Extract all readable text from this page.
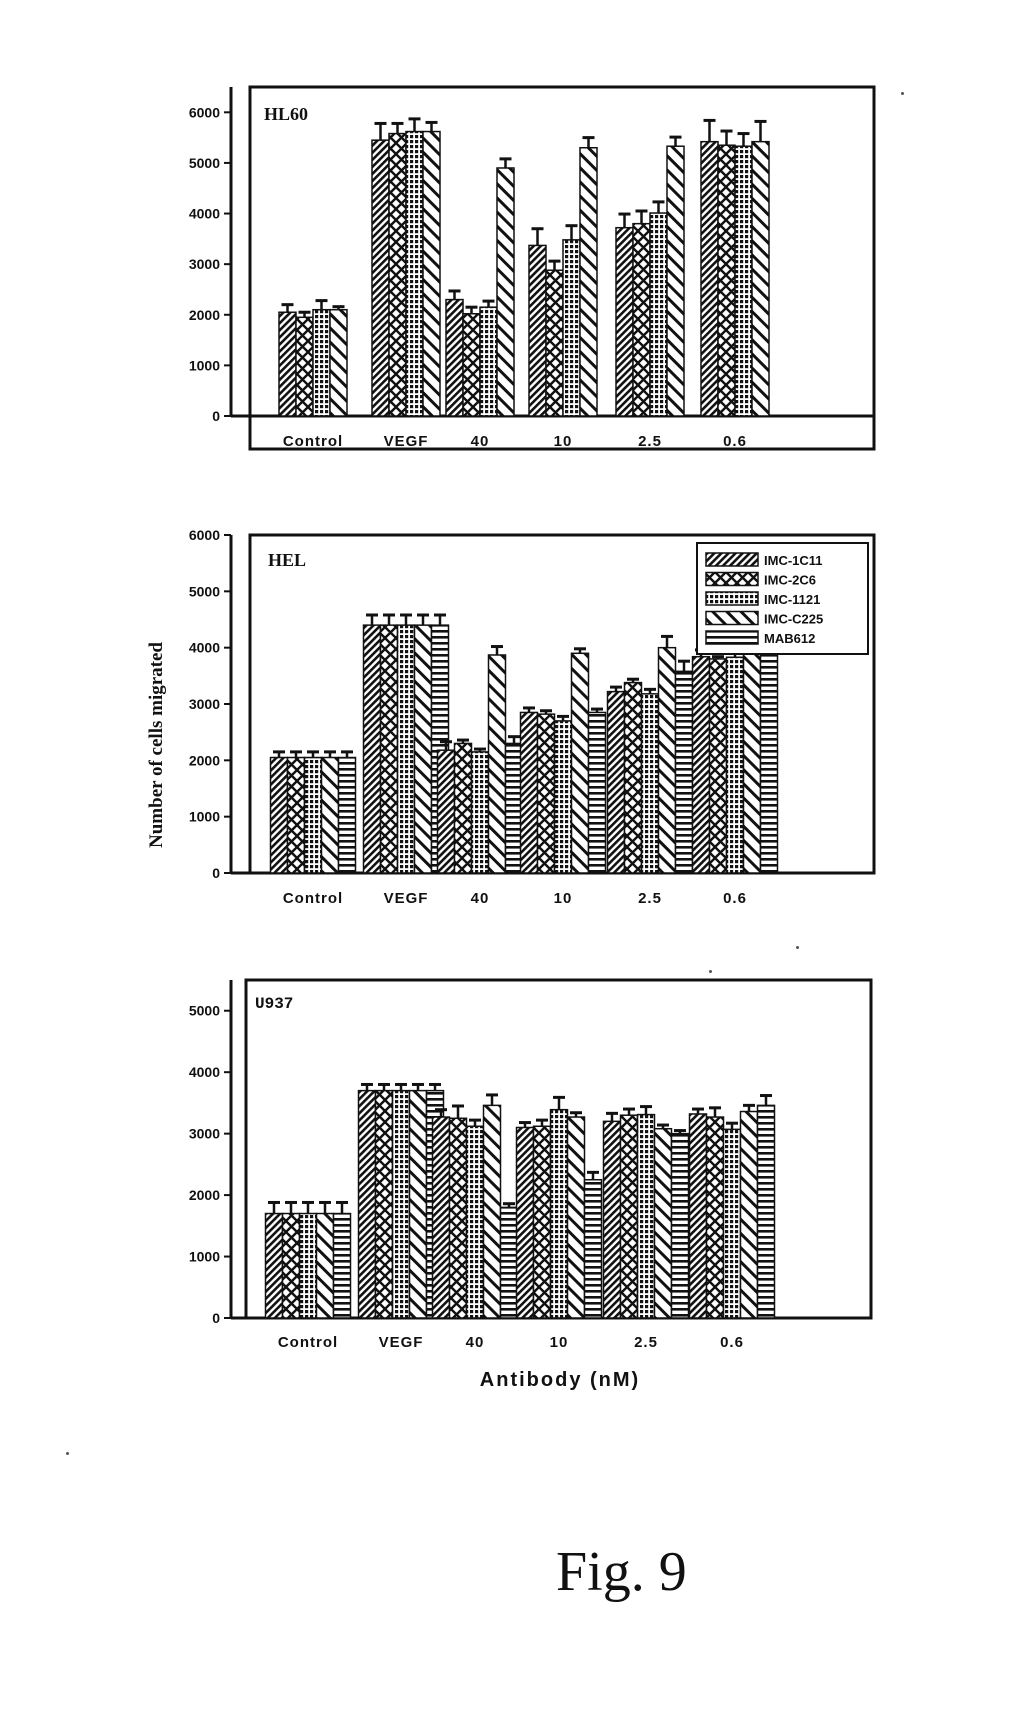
0
1000
2000
3000
4000
5000
6000
Control	VEGF	40	10	2.5	0.6
HL60
0
1000
2000
3000
4000
5000
6000
Control	VEGF	40	10	2.5	0.6
HEL
0
1000
2000
3000
4000
5000
Control	VEGF	40	10	2.5	0.6
U937
IMC-1C11
IMC-2C6
IMC-1121
IMC-C225
MAB612
Number of cells migrated
Antibody (nM)
Fig. 9
